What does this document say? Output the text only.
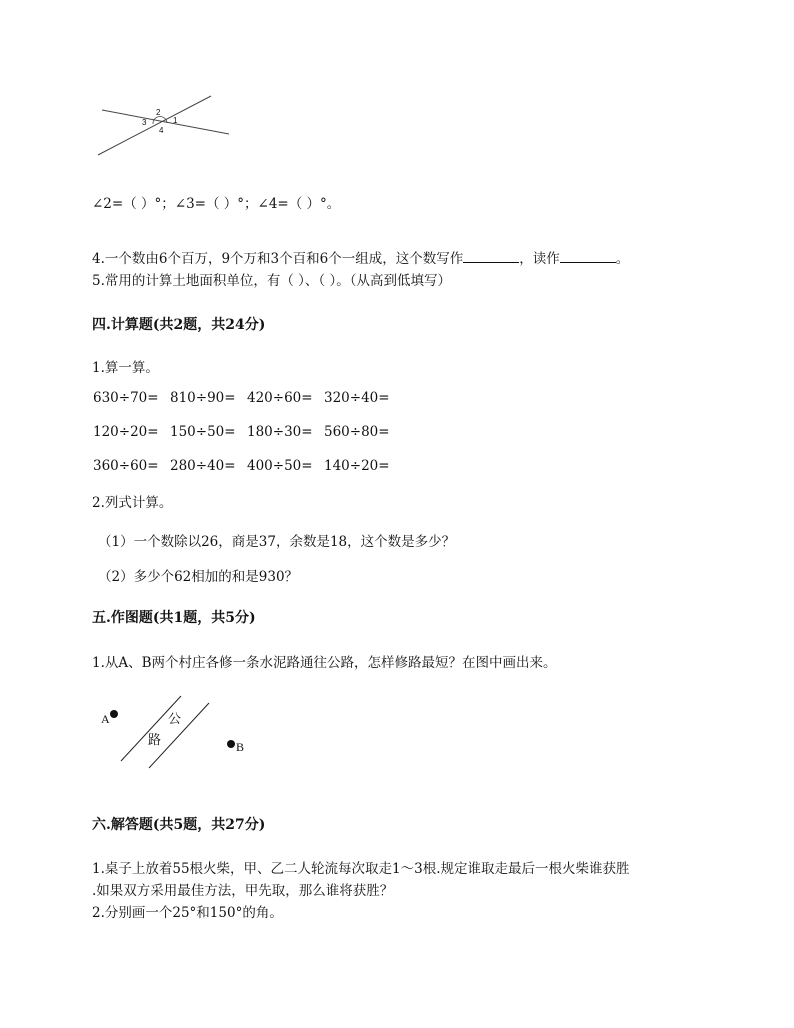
2
3	1
4
∠2=（ ）°；∠3=（ ）°；∠4=（ ）°。
4.一个数由6个百万，9个万和3个百和6个一组成，这个数写作	，读作	。
5.常用的计算土地面积单位，有（ ）、（ ）。（从高到低填写）
四.计算题(共2题，共24分)
1.算一算。
630÷70= 810÷90= 420÷60= 320÷40=
120÷20= 150÷50= 180÷30= 560÷80=
360÷60= 280÷40= 400÷50= 140÷20=
2.列式计算。
（1）一个数除以26，商是37，余数是18，这个数是多少？
（2）多少个62相加的和是930？
五.作图题(共1题，共5分)
1.从A、B两个村庄各修一条水泥路通往公路，怎样修路最短？在图中画出来。
A	公
路	B
六.解答题(共5题，共27分)
1.桌子上放着55根火柴，甲、乙二人轮流每次取走1～3根.规定谁取走最后一根火柴谁获胜
.如果双方采用最佳方法，甲先取，那么谁将获胜？
2.分别画一个25°和150°的角。
